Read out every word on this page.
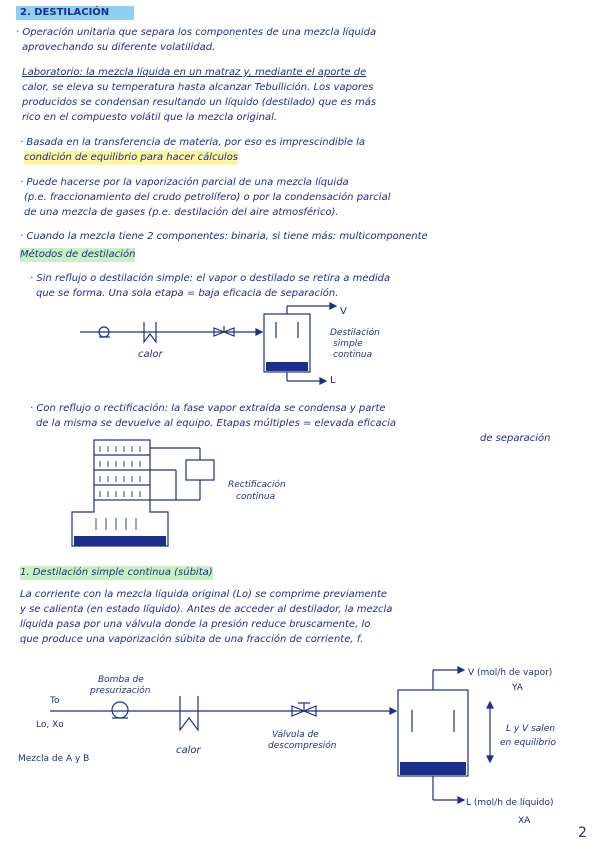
2. DESTILACIÓN
· Operación unitaria que separa los componentes de una mezcla líquida
aprovechando su diferente volatilidad.
Laboratorio: la mezcla líquida en un matraz y, mediante el aporte de
calor, se eleva su temperatura hasta alcanzar Tebullición. Los vapores
producidos se condensan resultando un líquido (destilado) que es más
rico en el compuesto volátil que la mezcla original.
· Basada en la transferencia de materia, por eso es imprescindible la
condición de equilibrio para hacer cálculos
· Puede hacerse por la vaporización parcial de una mezcla líquida
(p.e. fraccionamiento del crudo petrolífero) o por la condensación parcial
de una mezcla de gases (p.e. destilación del aire atmosférico).
· Cuando la mezcla tiene 2 componentes: binaria, si tiene más: multicomponente
Métodos de destilación
· Sin reflujo o destilación simple: el vapor o destilado se retira a medida
que se forma. Una sola etapa = baja eficacia de separación.
calor
V
L
Destilación
simple
continua
· Con reflujo o rectificación: la fase vapor extraída se condensa y parte
de la misma se devuelve al equipo. Etapas múltiples = elevada eficacia
de separación
Rectificación
continua
1. Destilación simple continua (súbita)
La corriente con la mezcla líquida original (Lo) se comprime previamente
y se calienta (en estado líquido). Antes de acceder al destilador, la mezcla
líquida pasa por una válvula donde la presión reduce bruscamente, lo
que produce una vaporización súbita de una fracción de corriente, f.
Bomba de
presurización
To
Lo, Xo
Mezcla de A y B
calor
Válvula de
descompresión
V (mol/h de vapor)
YA
L y V salen
en equilibrio
L (mol/h de líquido)
XA
2
